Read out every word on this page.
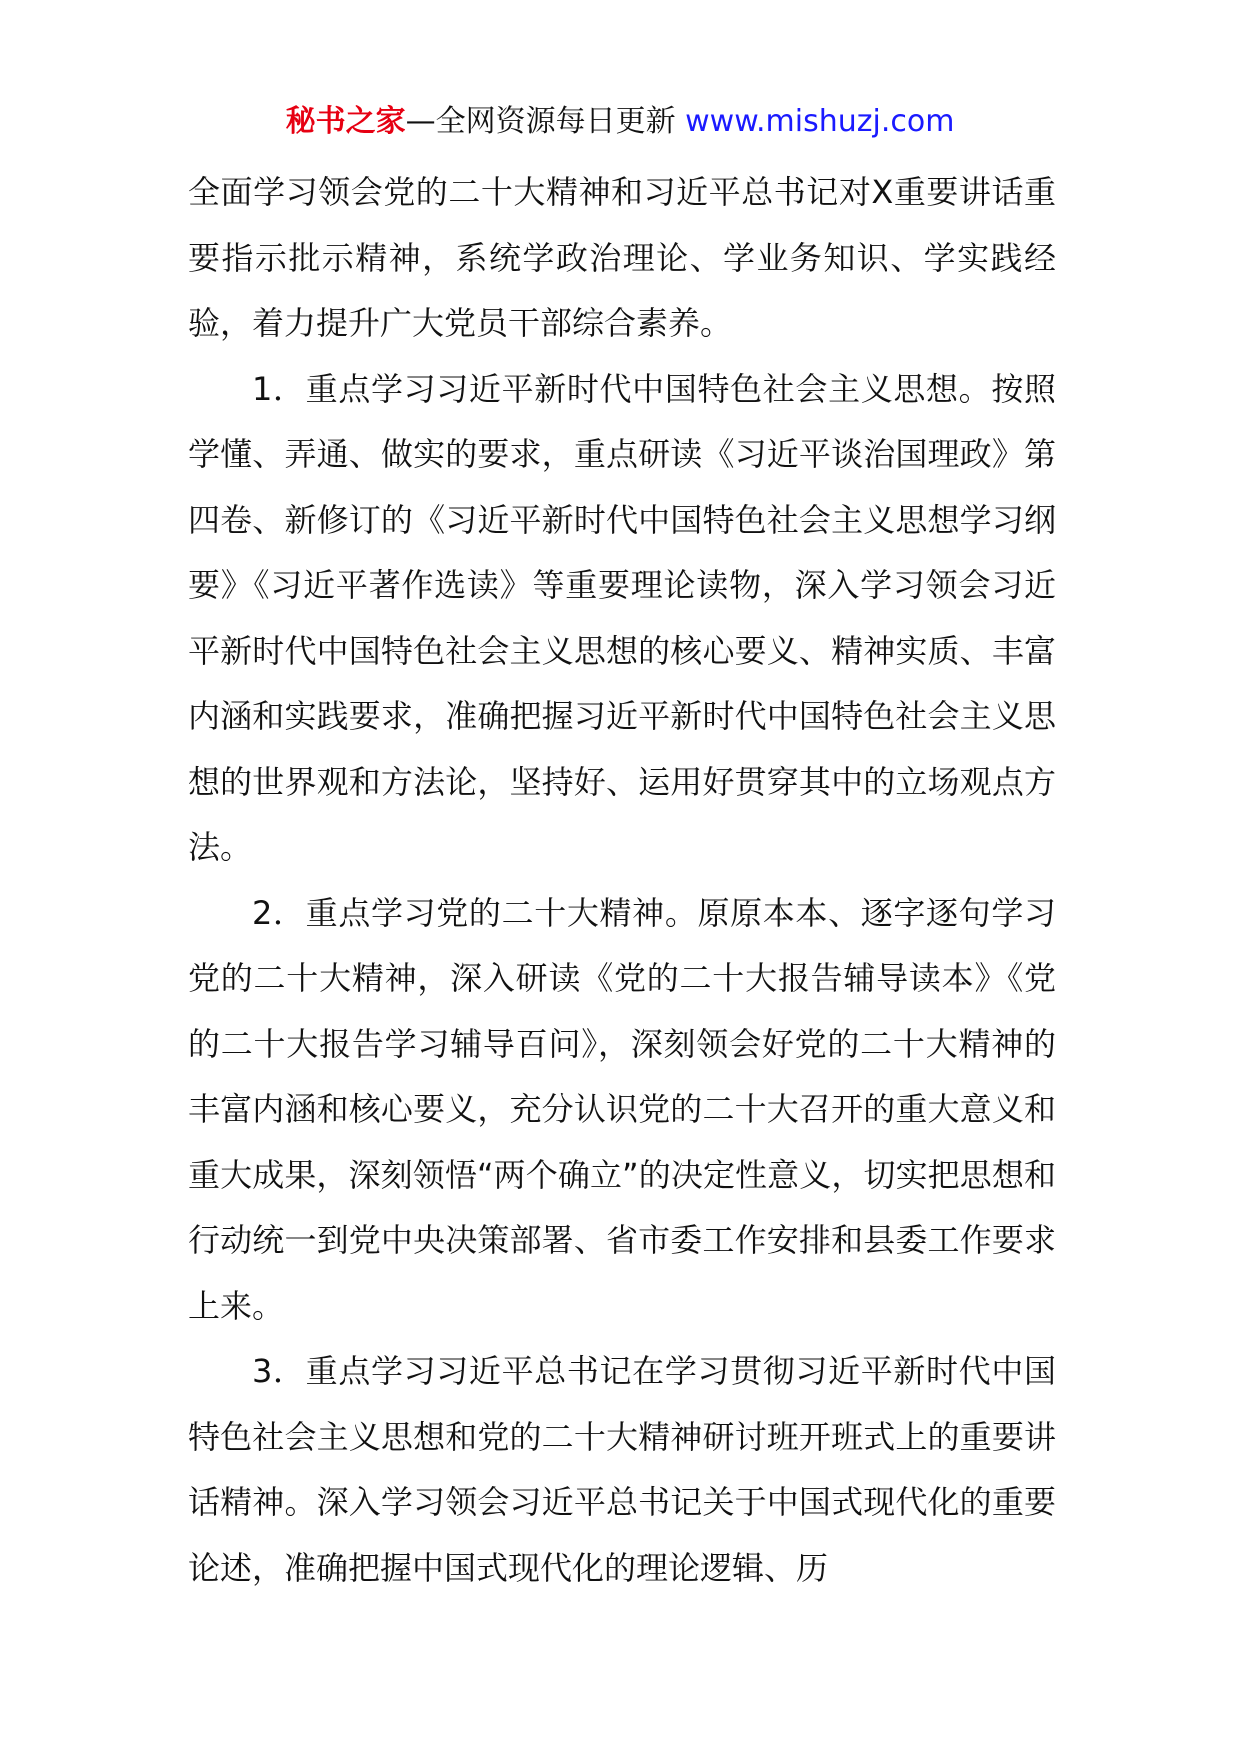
秘书之家—全网资源每日更新 www.mishuzj.com

全面学习领会党的二十大精神和习近平总书记对X重要讲话重要指示批示精神，系统学政治理论、学业务知识、学实践经验，着力提升广大党员干部综合素养。

1．重点学习习近平新时代中国特色社会主义思想。按照学懂、弄通、做实的要求，重点研读《习近平谈治国理政》第四卷、新修订的《习近平新时代中国特色社会主义思想学习纲要》《习近平著作选读》等重要理论读物，深入学习领会习近平新时代中国特色社会主义思想的核心要义、精神实质、丰富内涵和实践要求，准确把握习近平新时代中国特色社会主义思想的世界观和方法论，坚持好、运用好贯穿其中的立场观点方法。

2．重点学习党的二十大精神。原原本本、逐字逐句学习党的二十大精神，深入研读《党的二十大报告辅导读本》《党的二十大报告学习辅导百问》，深刻领会好党的二十大精神的丰富内涵和核心要义，充分认识党的二十大召开的重大意义和重大成果，深刻领悟“两个确立”的决定性意义，切实把思想和行动统一到党中央决策部署、省市委工作安排和县委工作要求上来。

3．重点学习习近平总书记在学习贯彻习近平新时代中国特色社会主义思想和党的二十大精神研讨班开班式上的重要讲话精神。深入学习领会习近平总书记关于中国式现代化的重要论述，准确把握中国式现代化的理论逻辑、历
